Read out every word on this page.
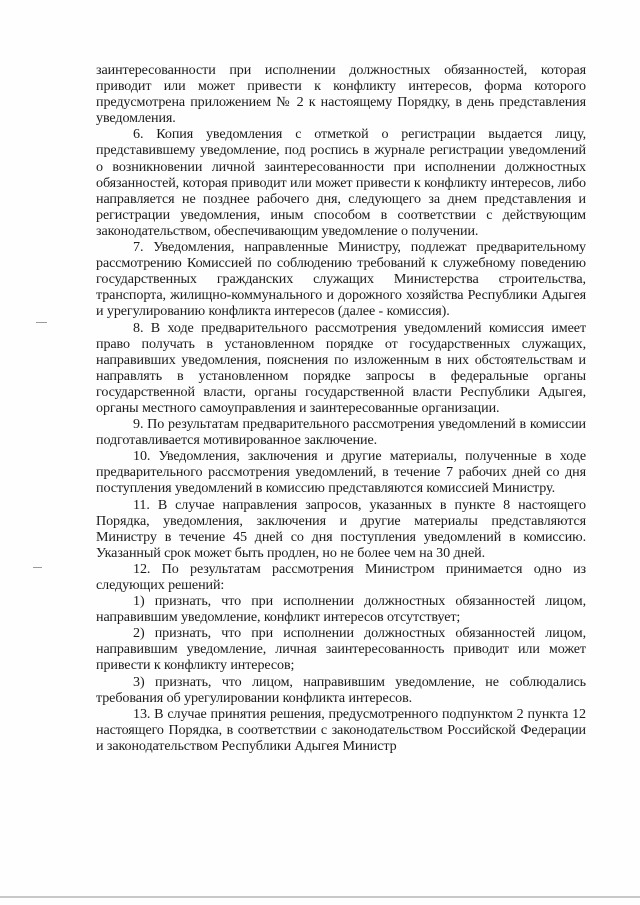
заинтересованности при исполнении должностных обязанностей, которая приводит или может привести к конфликту интересов, форма которого предусмотрена приложением № 2 к настоящему Порядку, в день представления уведомления.

6. Копия уведомления с отметкой о регистрации выдается лицу, представившему уведомление, под роспись в журнале регистрации уведомлений о возникновении личной заинтересованности при исполнении должностных обязанностей, которая приводит или может привести к конфликту интересов, либо направляется не позднее рабочего дня, следующего за днем представления и регистрации уведомления, иным способом в соответствии с действующим законодательством, обеспечивающим уведомление о получении.

7. Уведомления, направленные Министру, подлежат предварительному рассмотрению Комиссией по соблюдению требований к служебному поведению государственных гражданских служащих Министерства строительства, транспорта, жилищно-коммунального и дорожного хозяйства Республики Адыгея и урегулированию конфликта интересов (далее - комиссия).

8. В ходе предварительного рассмотрения уведомлений комиссия имеет право получать в установленном порядке от государственных служащих, направивших уведомления, пояснения по изложенным в них обстоятельствам и направлять в установленном порядке запросы в федеральные органы государственной власти, органы государственной власти Республики Адыгея, органы местного самоуправления и заинтересованные организации.

9. По результатам предварительного рассмотрения уведомлений в комиссии подготавливается мотивированное заключение.

10. Уведомления, заключения и другие материалы, полученные в ходе предварительного рассмотрения уведомлений, в течение 7 рабочих дней со дня поступления уведомлений в комиссию представляются комиссией Министру.

11. В случае направления запросов, указанных в пункте 8 настоящего Порядка, уведомления, заключения и другие материалы представляются Министру в течение 45 дней со дня поступления уведомлений в комиссию. Указанный срок может быть продлен, но не более чем на 30 дней.

12. По результатам рассмотрения Министром принимается одно из следующих решений:

1) признать, что при исполнении должностных обязанностей лицом, направившим уведомление, конфликт интересов отсутствует;

2) признать, что при исполнении должностных обязанностей лицом, направившим уведомление, личная заинтересованность приводит или может привести к конфликту интересов;

3) признать, что лицом, направившим уведомление, не соблюдались требования об урегулировании конфликта интересов.

13. В случае принятия решения, предусмотренного подпунктом 2 пункта 12 настоящего Порядка, в соответствии с законодательством Российской Федерации и законодательством Республики Адыгея Министр
